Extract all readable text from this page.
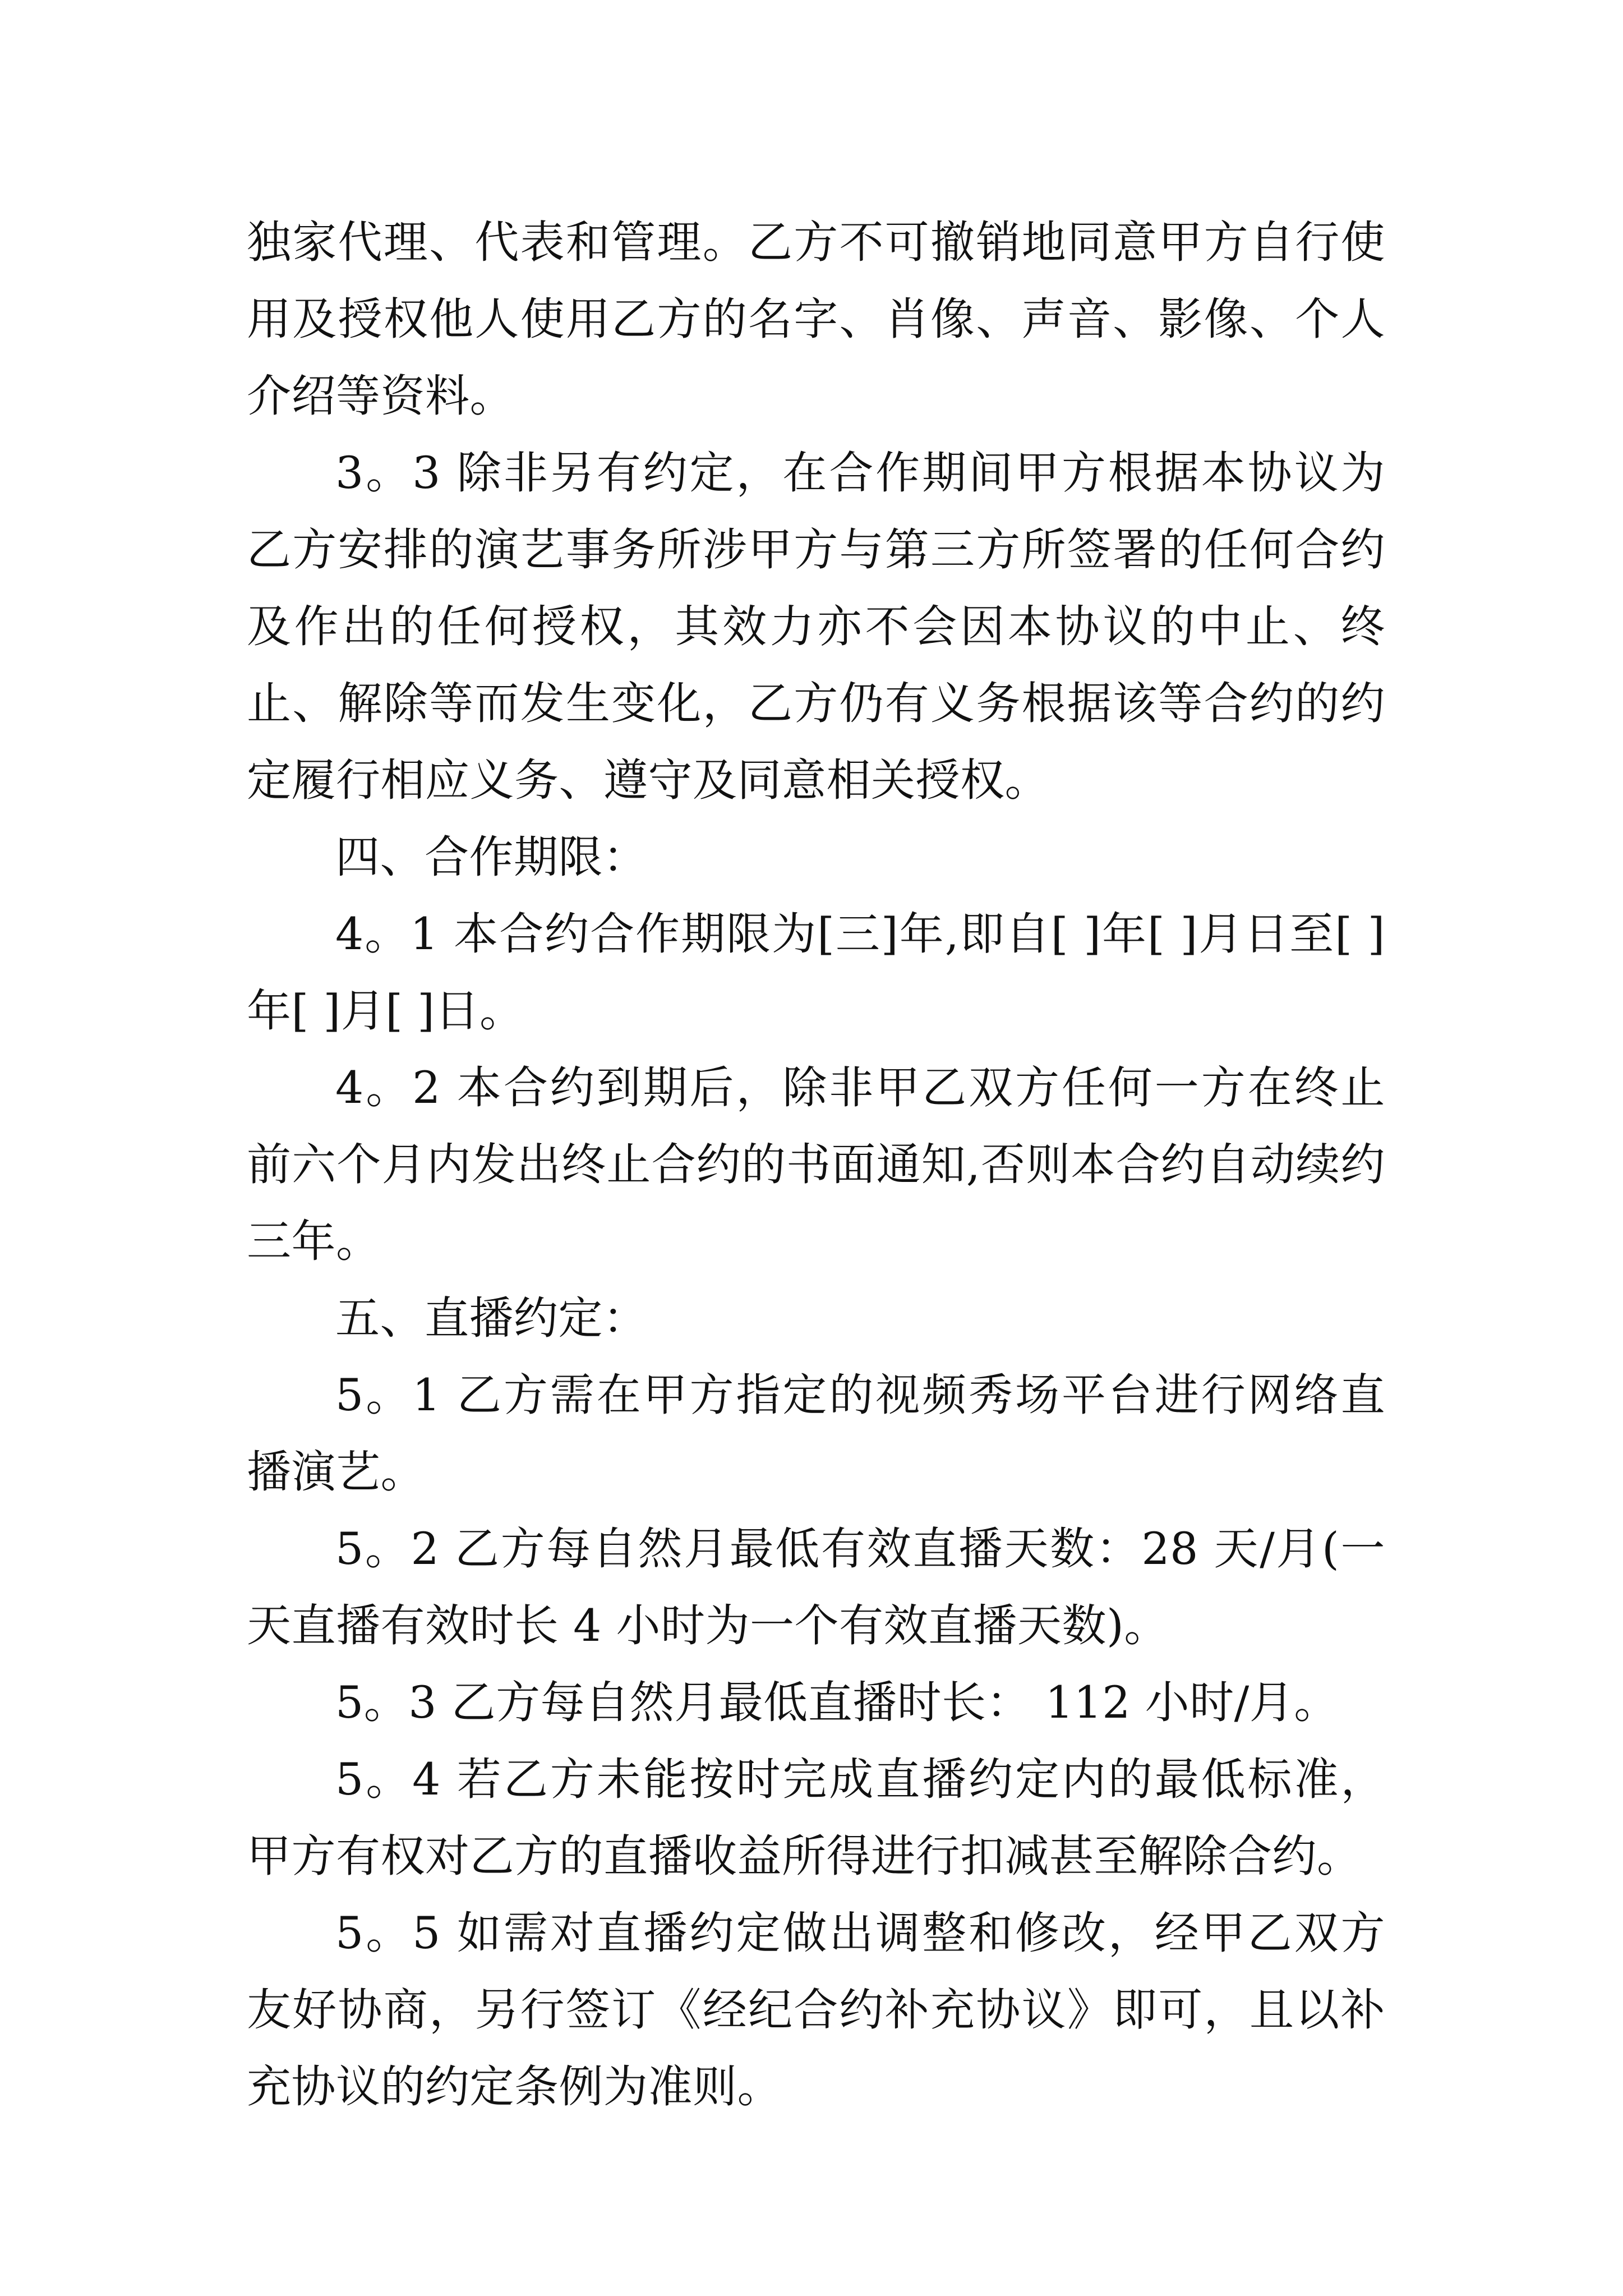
独家代理、代表和管理。乙方不可撤销地同意甲方自行使用及授权他人使用乙方的名字、肖像、声音、影像、个人介绍等资料。

3。3 除非另有约定，在合作期间甲方根据本协议为乙方安排的演艺事务所涉甲方与第三方所签署的任何合约及作出的任何授权，其效力亦不会因本协议的中止、终止、解除等而发生变化，乙方仍有义务根据该等合约的约定履行相应义务、遵守及同意相关授权。

四、合作期限：

4。1 本合约合作期限为[三]年,即自[ ]年[ ]月日至[ ]年[ ]月[ ]日。

4。2 本合约到期后，除非甲乙双方任何一方在终止前六个月内发出终止合约的书面通知,否则本合约自动续约三年。

五、直播约定：

5。1 乙方需在甲方指定的视频秀场平台进行网络直播演艺。

5。2 乙方每自然月最低有效直播天数：28 天/月(一天直播有效时长 4 小时为一个有效直播天数)。

5。3 乙方每自然月最低直播时长： 112 小时/月。

5。4 若乙方未能按时完成直播约定内的最低标准，甲方有权对乙方的直播收益所得进行扣减甚至解除合约。

5。5 如需对直播约定做出调整和修改，经甲乙双方友好协商，另行签订《经纪合约补充协议》即可，且以补充协议的约定条例为准则。
